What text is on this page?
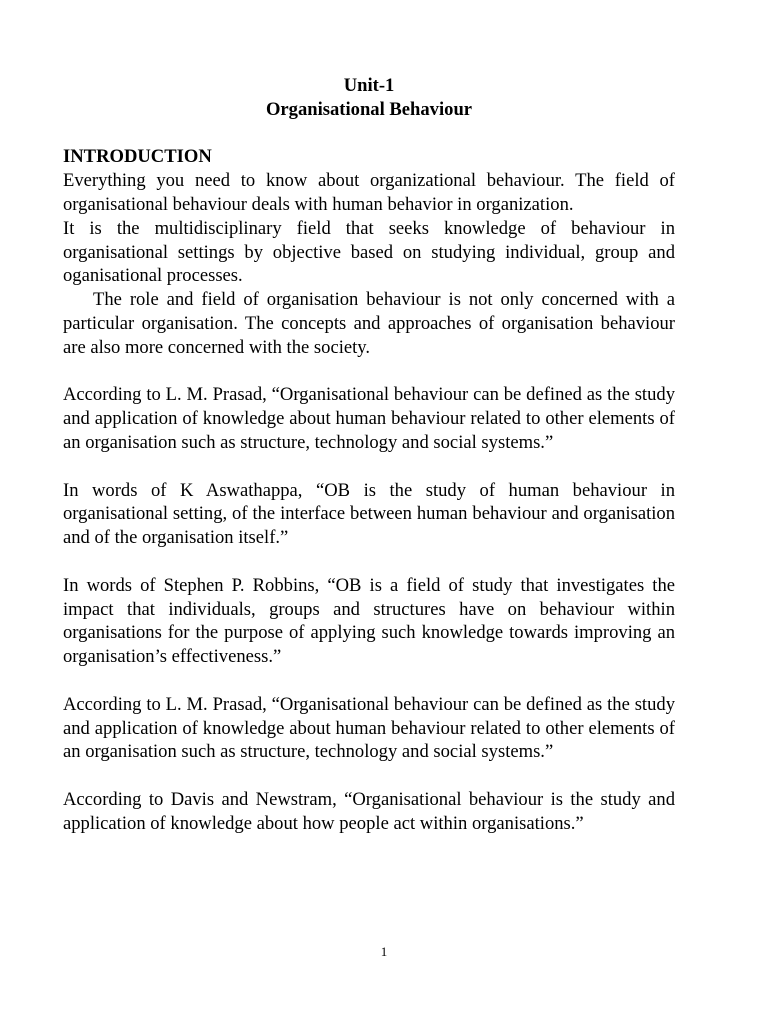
Unit-1
Organisational Behaviour
INTRODUCTION

Everything you need to know about organizational behaviour. The field of organisational behaviour deals with human behavior in organization.

It is the multidisciplinary field that seeks knowledge of behaviour in organisational settings by objective based on studying individual, group and oganisational processes.

The role and field of organisation behaviour is not only concerned with a particular organisation. The concepts and approaches of organisation behaviour are also more concerned with the society.

According to L. M. Prasad, “Organisational behaviour can be defined as the study and application of knowledge about human behaviour related to other elements of an organisation such as structure, technology and social systems.”

In words of K Aswathappa, “OB is the study of human behaviour in organisational setting, of the interface between human behaviour and organisation and of the organisation itself.”

In words of Stephen P. Robbins, “OB is a field of study that investigates the impact that individuals, groups and structures have on behaviour within organisations for the purpose of applying such knowledge towards improving an organisation’s effectiveness.”

According to L. M. Prasad, “Organisational behaviour can be defined as the study and application of knowledge about human behaviour related to other elements of an organisation such as structure, technology and social systems.”

According to Davis and Newstram, “Organisational behaviour is the study and application of knowledge about how people act within organisations.”

1
